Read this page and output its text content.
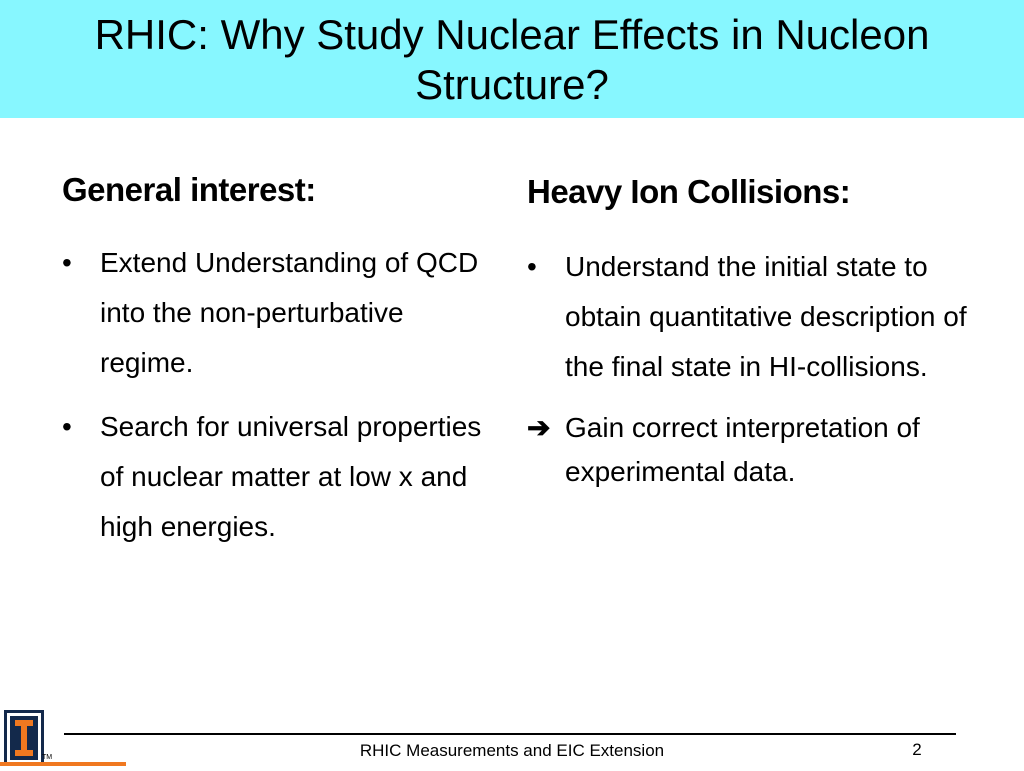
RHIC: Why Study Nuclear Effects in Nucleon
Structure?
General interest:
• Extend Understanding of QCD into the non-perturbative regime.
• Search for universal properties of nuclear matter at low x and high energies.
Heavy Ion Collisions:
• Understand the initial state to obtain quantitative description of the final state in HI-collisions.
➔ Gain correct interpretation of experimental data.
TM	RHIC Measurements and EIC Extension	2
